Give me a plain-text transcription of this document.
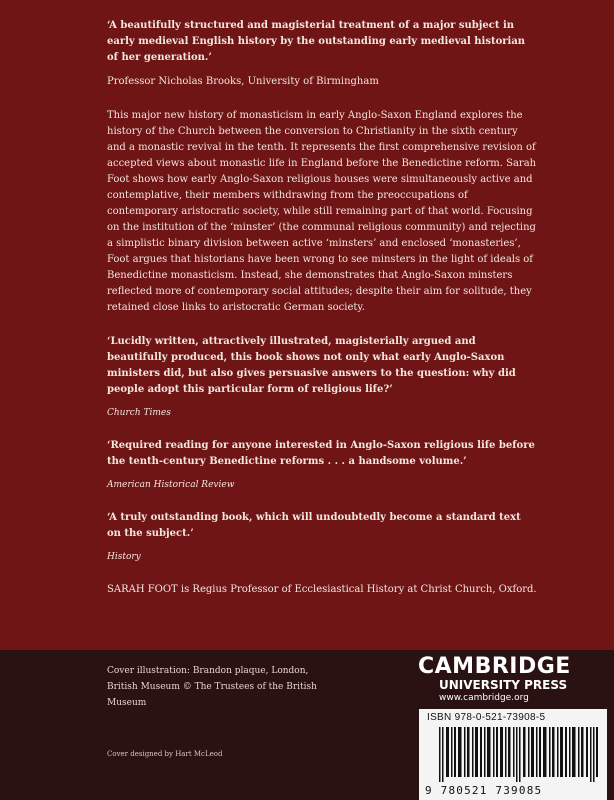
‘A beautifully structured and magisterial treatment of a major subject in early medieval English history by the outstanding early medieval historian of her generation.’

Professor Nicholas Brooks, University of Birmingham

This major new history of monasticism in early Anglo-Saxon England explores the history of the Church between the conversion to Christianity in the sixth century and a monastic revival in the tenth. It represents the first comprehensive revision of accepted views about monastic life in England before the Benedictine reform. Sarah Foot shows how early Anglo-Saxon religious houses were simultaneously active and contemplative, their members withdrawing from the preoccupations of contemporary aristocratic society, while still remaining part of that world. Focusing on the institution of the ‘minster’ (the communal religious community) and rejecting a simplistic binary division between active ‘minsters’ and enclosed ‘monasteries’, Foot argues that historians have been wrong to see minsters in the light of ideals of Benedictine monasticism. Instead, she demonstrates that Anglo-Saxon minsters reflected more of contemporary social attitudes; despite their aim for solitude, they retained close links to aristocratic German society.

‘Lucidly written, attractively illustrated, magisterially argued and beautifully produced, this book shows not only what early Anglo-Saxon ministers did, but also gives persuasive answers to the question: why did people adopt this particular form of religious life?’

Church Times

‘Required reading for anyone interested in Anglo-Saxon religious life before the tenth-century Benedictine reforms . . . a handsome volume.’

American Historical Review

‘A truly outstanding book, which will undoubtedly become a standard text on the subject.’

History

SARAH FOOT is Regius Professor of Ecclesiastical History at Christ Church, Oxford.

Cover illustration: Brandon plaque, London, British Museum © The Trustees of the British Museum
Cover designed by Hart McLeod
CAMBRIDGE
UNIVERSITY PRESS
www.cambridge.org
ISBN 978-0-521-73908-5
9 780521 739085
